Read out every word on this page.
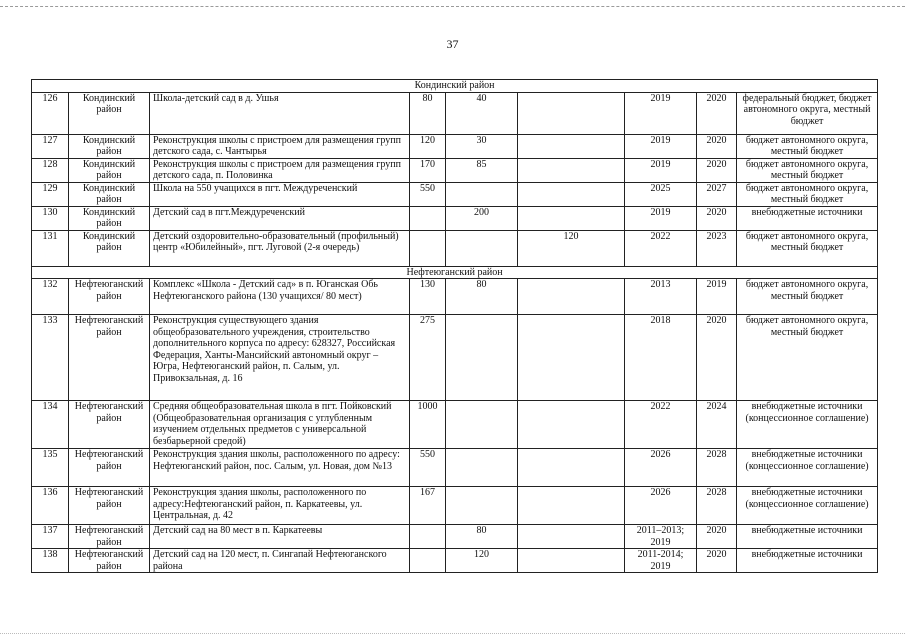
37
Кондинский район								
126	Кондинский район	Школа-детский сад в д. Ушья	80	40		2019	2020	федеральный бюджет, бюджет автономного округа, местный бюджет
127	Кондинский район	Реконструкция школы с пристроем для размещения групп детского сада, с. Чантырья	120	30		2019	2020	бюджет автономного округа, местный бюджет
128	Кондинский район	Реконструкция школы с пристроем для размещения групп детского сада, п. Половинка	170	85		2019	2020	бюджет автономного округа, местный бюджет
129	Кондинский район	Школа на 550 учащихся в пгт. Междуреченский	550			2025	2027	бюджет автономного округа, местный бюджет
130	Кондинский район	Детский сад в пгт.Междуреченский		200		2019	2020	внебюджетные источники
131	Кондинский район	Детский оздоровительно-образовательный (профильный) центр «Юбилейный», пгт. Луговой (2-я очередь)			120	2022	2023	бюджет автономного округа, местный бюджет
Нефтеюганский район								
132	Нефтеюганский район	Комплекс «Школа - Детский сад» в п. Юганская Обь Нефтеюганского района (130 учащихся/ 80 мест)	130	80		2013	2019	бюджет автономного округа, местный бюджет
133	Нефтеюганский район	Реконструкция существующего здания общеобразовательного учреждения, строительство дополнительного корпуса по адресу: 628327, Российская Федерация, Ханты-Мансийский автономный округ – Югра, Нефтеюганский район, п. Салым, ул. Привокзальная, д. 16	275			2018	2020	бюджет автономного округа, местный бюджет
134	Нефтеюганский район	Средняя общеобразовательная школа в пгт. Пойковский (Общеобразовательная организация с углубленным изучением отдельных предметов с универсальной безбарьерной средой)	1000			2022	2024	внебюджетные источники (концессионное соглашение)
135	Нефтеюганский район	Реконструкция здания школы, расположенного по адресу: Нефтеюганский район, пос. Салым, ул. Новая, дом №13	550			2026	2028	внебюджетные источники (концессионное соглашение)
136	Нефтеюганский район	Реконструкция здания школы, расположенного по адресу:Нефтеюганский район, п. Каркатеевы, ул. Центральная, д. 42	167			2026	2028	внебюджетные источники (концессионное соглашение)
137	Нефтеюганский район	Детский сад на 80 мест в п. Каркатеевы		80		2011–2013; 2019	2020	внебюджетные источники
138	Нефтеюганский район	Детский сад на 120 мест, п. Сингапай Нефтеюганского района		120		2011-2014; 2019	2020	внебюджетные источники
